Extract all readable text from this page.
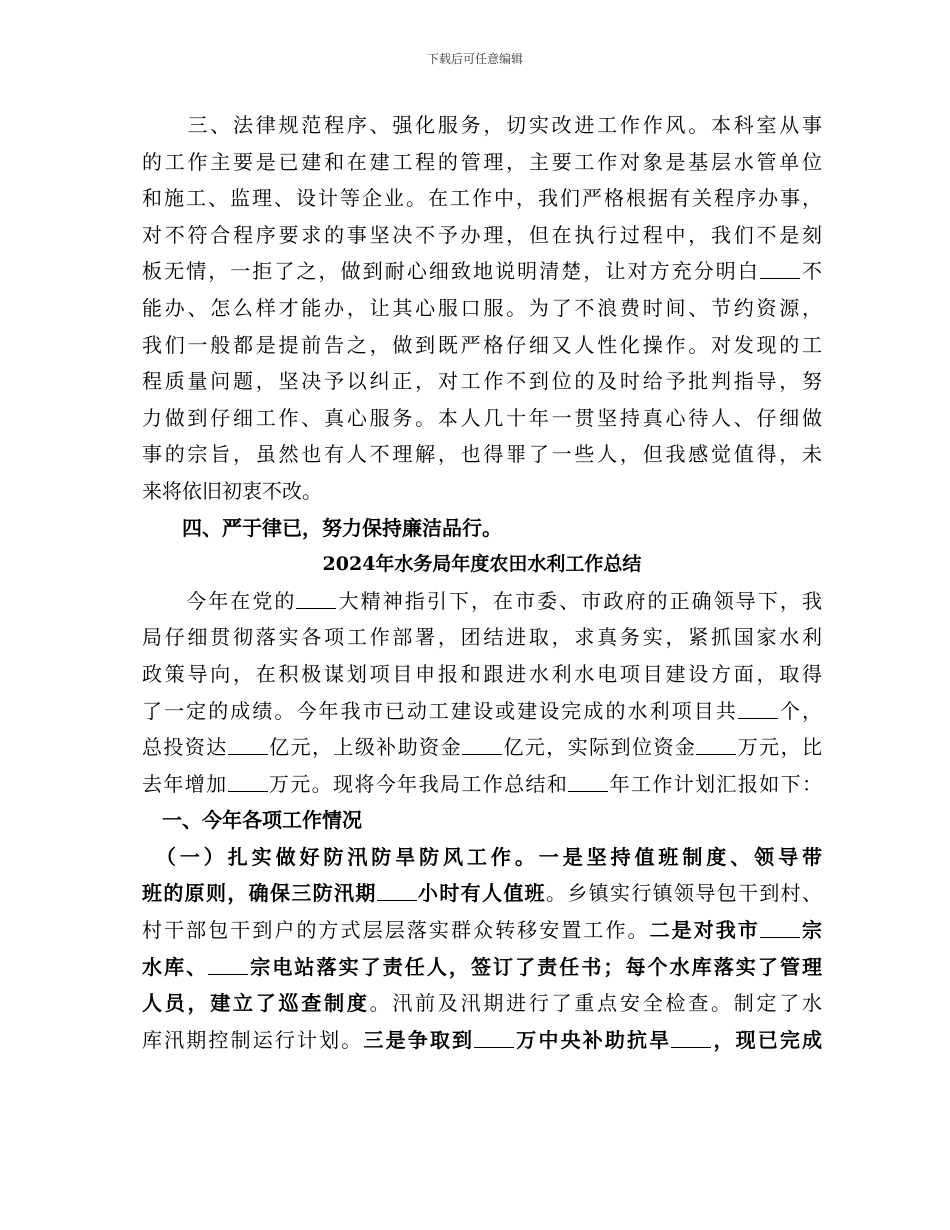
下载后可任意编辑
　　三、法律规范程序、强化服务，切实改进工作作风。本科室从事
的工作主要是已建和在建工程的管理，主要工作对象是基层水管单位
和施工、监理、设计等企业。在工作中，我们严格根据有关程序办事，
对不符合程序要求的事坚决不予办理，但在执行过程中，我们不是刻
板无情，一拒了之，做到耐心细致地说明清楚，让对方充分明白 不
能办、怎么样才能办，让其心服口服。为了不浪费时间、节约资源，
我们一般都是提前告之，做到既严格仔细又人性化操作。对发现的工
程质量问题，坚决予以纠正，对工作不到位的及时给予批判指导，努
力做到仔细工作、真心服务。本人几十年一贯坚持真心待人、仔细做
事的宗旨，虽然也有人不理解，也得罪了一些人，但我感觉值得，未
来将依旧初衷不改。
　　四、严于律已，努力保持廉洁品行。
2024年水务局年度农田水利工作总结
　　今年在党的 大精神指引下，在市委、市政府的正确领导下，我
局仔细贯彻落实各项工作部署，团结进取，求真务实，紧抓国家水利
政策导向，在积极谋划项目申报和跟进水利水电项目建设方面，取得
了一定的成绩。今年我市已动工建设或建设完成的水利项目共 个，
总投资达 亿元，上级补助资金 亿元，实际到位资金 万元，比
去年增加 万元。现将今年我局工作总结和 年工作计划汇报如下：
　一、今年各项工作情况
　（一）扎实做好防汛防旱防风工作。一是坚持值班制度、领导带
班的原则，确保三防汛期 小时有人值班。乡镇实行镇领导包干到村、
村干部包干到户的方式层层落实群众转移安置工作。二是对我市 宗
水库、 宗电站落实了责任人，签订了责任书；每个水库落实了管理
人员，建立了巡查制度。汛前及汛期进行了重点安全检查。制定了水
库汛期控制运行计划。三是争取到 万中央补助抗旱 ，现已完成
